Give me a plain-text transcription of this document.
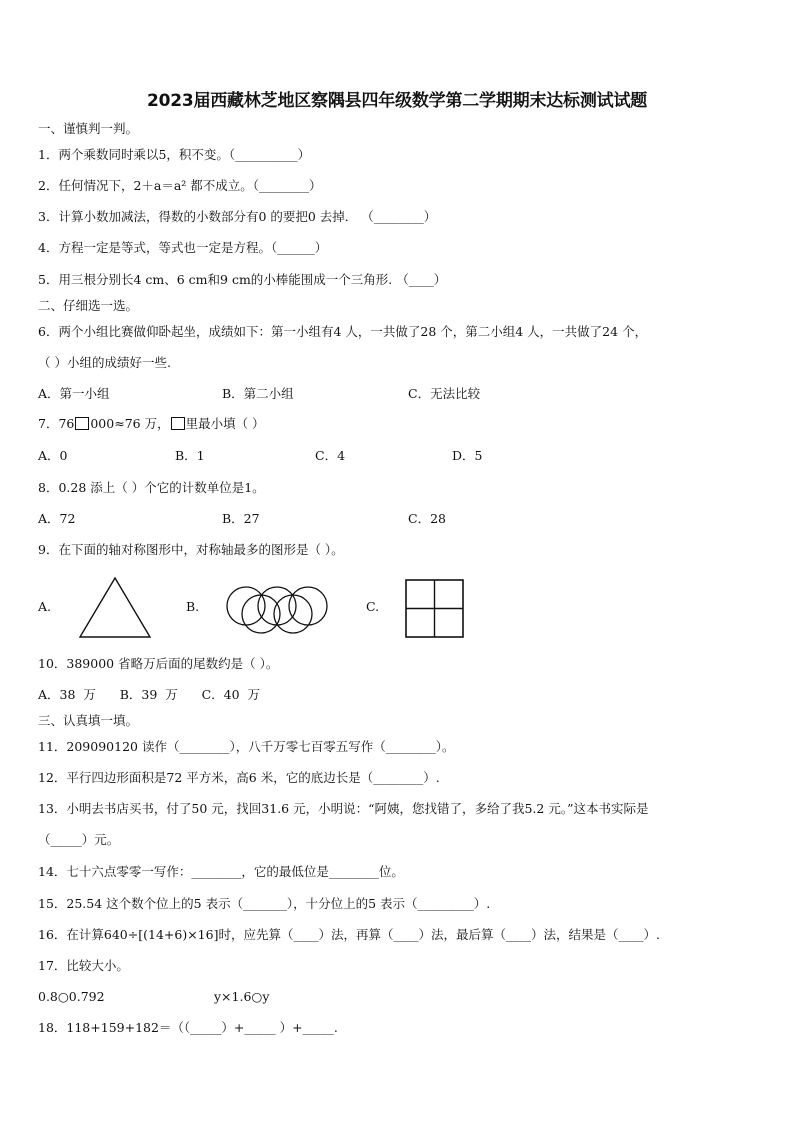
2023届西藏林芝地区察隅县四年级数学第二学期期末达标测试试题
一、谨慎判一判。
1．两个乘数同时乘以5，积不变。（__________）
2．任何情况下，2＋a＝a² 都不成立。（________）
3．计算小数加减法，得数的小数部分有0 的要把0 去掉． （________）
4．方程一定是等式，等式也一定是方程。（______）
5．用三根分别长4 cm、6 cm和9 cm的小棒能围成一个三角形. （____）
二、仔细选一选。
6．两个小组比赛做仰卧起坐，成绩如下：第一小组有4 人，一共做了28 个，第二小组4 人，一共做了24 个，
（ ）小组的成绩好一些.
A．第一小组	B．第二小组	C．无法比较
7．76 000≈76 万， 里最小填（ ）
A．0	B．1	C．4	D．5
8．0.28 添上（ ）个它的计数单位是1。
A．72	B．27	C．28
9．在下面的轴对称图形中，对称轴最多的图形是（ ）。
A.	B.	C.
10．389000 省略万后面的尾数约是（ ）。
A．38  万      B．39  万      C．40  万
三、认真填一填。
11．209090120 读作（________），八千万零七百零五写作（________）。
12．平行四边形面积是72 平方米，高6 米，它的底边长是（________）.
13．小明去书店买书，付了50 元，找回31.6 元，小明说：“阿姨，您找错了，多给了我5.2 元。”这本书实际是
（_____）元。
14．七十六点零零一写作：________，它的最低位是________位。
15．25.54 这个数个位上的5 表示（_______），十分位上的5 表示（_________）.
16．在计算640÷[(14+6)×16]时，应先算（____）法，再算（____）法，最后算（____）法，结果是（____）.
17．比较大小。
0.8○0.792	y×1.6○y
18．118+159+182＝（（_____）+_____ ）+_____.
